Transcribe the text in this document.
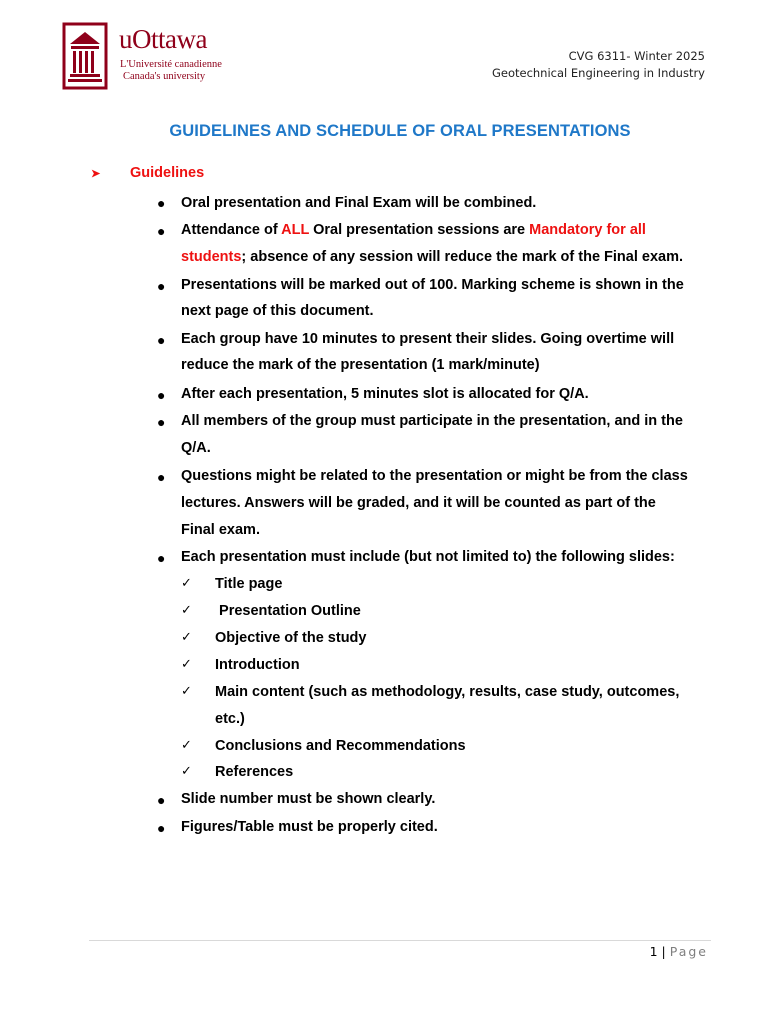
uOttawa
L'Université canadienne
Canada's university
CVG 6311- Winter 2025
Geotechnical Engineering in Industry
GUIDELINES AND SCHEDULE OF ORAL PRESENTATIONS
➤ Guidelines
● Oral presentation and Final Exam will be combined.
● Attendance of ALL Oral presentation sessions are Mandatory for all
students; absence of any session will reduce the mark of the Final exam.
● Presentations will be marked out of 100. Marking scheme is shown in the
next page of this document.
● Each group have 10 minutes to present their slides. Going overtime will
reduce the mark of the presentation (1 mark/minute)
● After each presentation, 5 minutes slot is allocated for Q/A.
● All members of the group must participate in the presentation, and in the
Q/A.
● Questions might be related to the presentation or might be from the class
lectures. Answers will be graded, and it will be counted as part of the
Final exam.
● Each presentation must include (but not limited to) the following slides:
✓ Title page
✓ Presentation Outline
✓ Objective of the study
✓ Introduction
✓ Main content (such as methodology, results, case study, outcomes,
etc.)
✓ Conclusions and Recommendations
✓ References
● Slide number must be shown clearly.
● Figures/Table must be properly cited.
1 | Page
